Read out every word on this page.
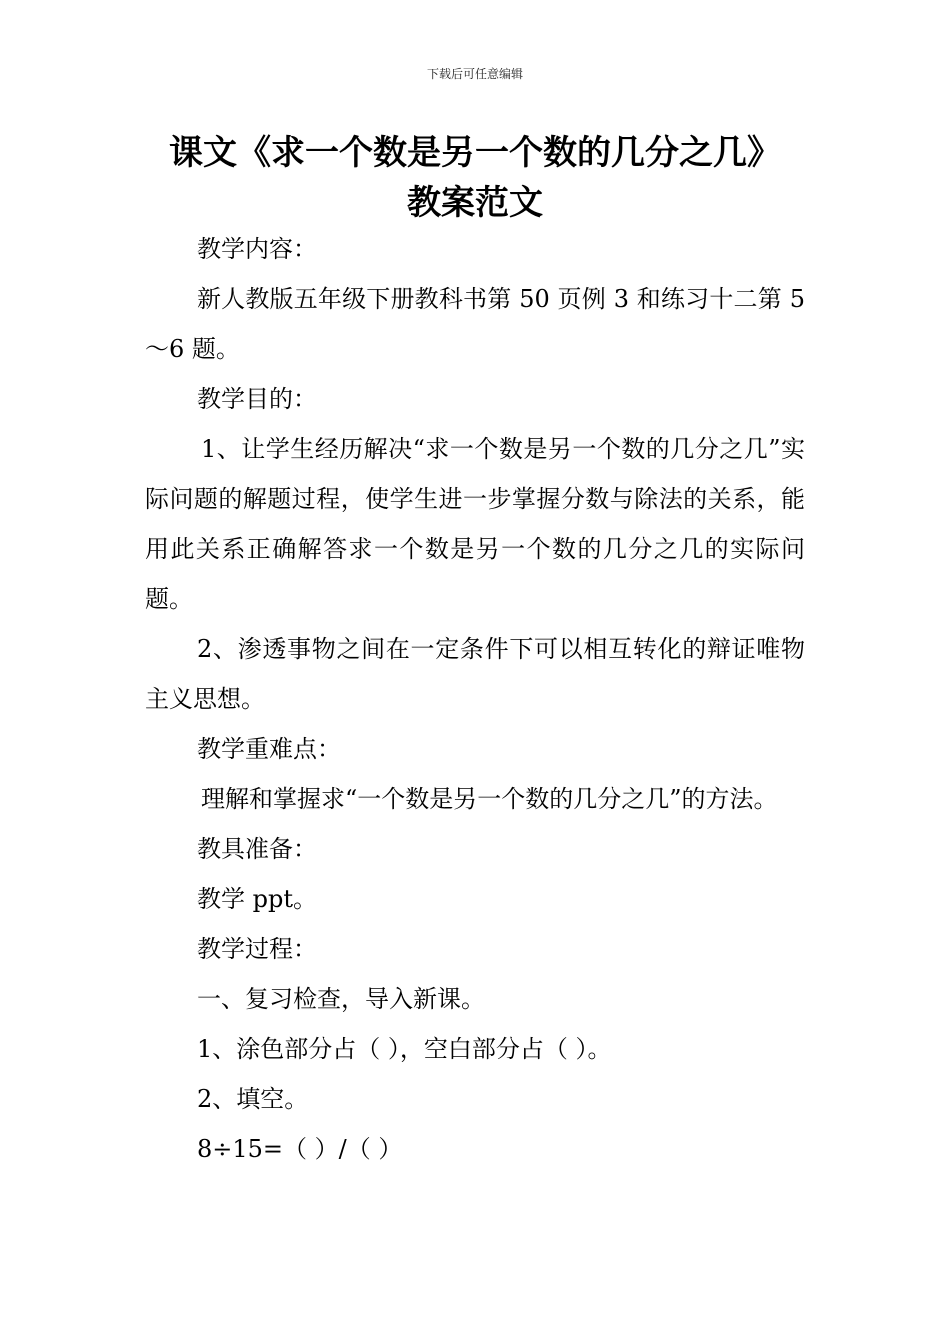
下载后可任意编辑
课文《求一个数是另一个数的几分之几》
教案范文

教学内容：

新人教版五年级下册教科书第 50 页例 3 和练习十二第 5～6 题。

教学目的：

1、让学生经历解决“求一个数是另一个数的几分之几”实际问题的解题过程，使学生进一步掌握分数与除法的关系，能用此关系正确解答求一个数是另一个数的几分之几的实际问题。

2、渗透事物之间在一定条件下可以相互转化的辩证唯物主义思想。

教学重难点：

理解和掌握求“一个数是另一个数的几分之几”的方法。

教具准备：

教学 ppt。

教学过程：

一、复习检查，导入新课。

1、涂色部分占（ ），空白部分占（ ）。

2、填空。

8÷15=（ ）/（ ）
